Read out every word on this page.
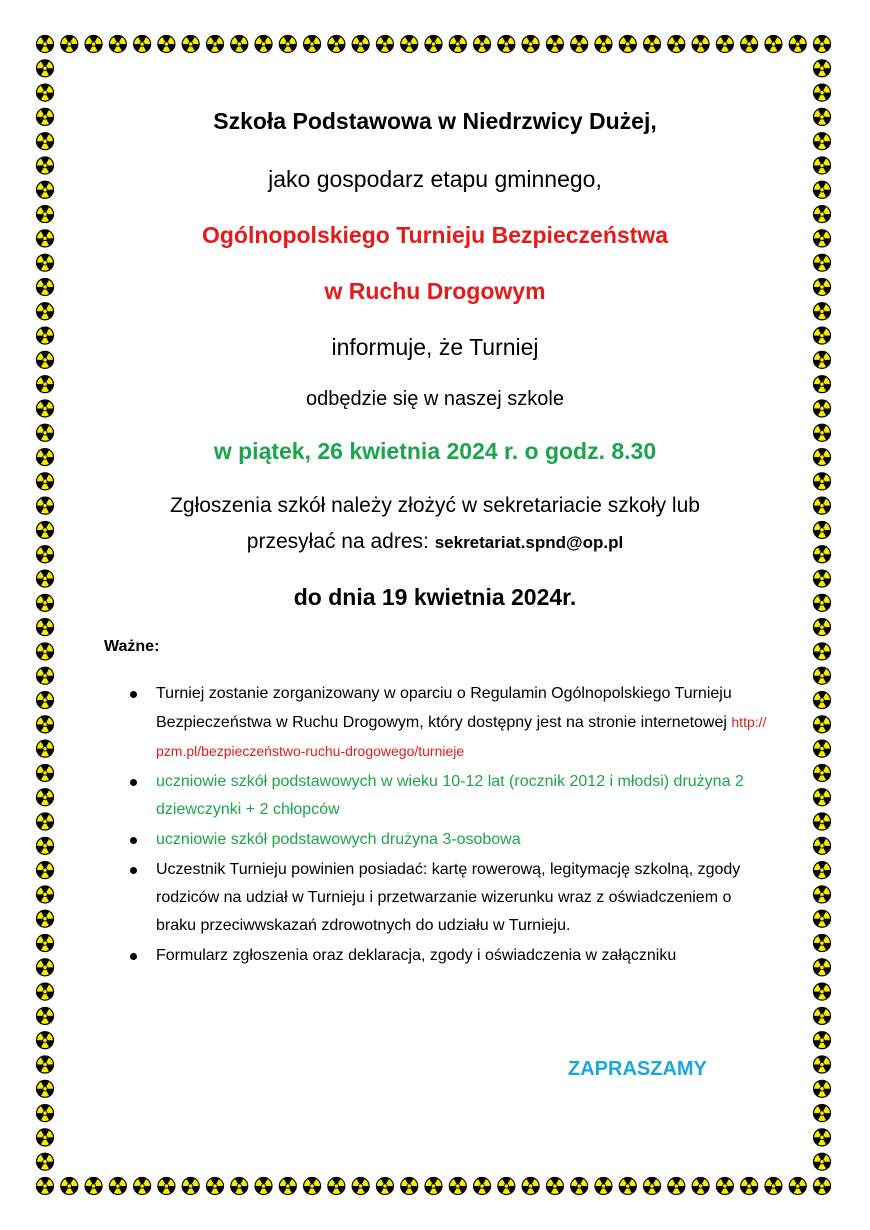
Szkoła Podstawowa w Niedrzwicy Dużej,

jako gospodarz etapu gminnego,

Ogólnopolskiego Turnieju Bezpieczeństwa

w Ruchu Drogowym

informuje, że Turniej

odbędzie się w naszej szkole

w piątek, 26 kwietnia 2024 r. o godz. 8.30

Zgłoszenia szkół należy złożyć w sekretariacie szkoły lub

przesyłać na adres: sekretariat.spnd@op.pl

do dnia 19 kwietnia 2024r.

Ważne:

Turniej zostanie zorganizowany w oparciu o Regulamin Ogólnopolskiego Turnieju Bezpieczeństwa w Ruchu Drogowym, który dostępny jest na stronie internetowej http:// pzm.pl/bezpieczeństwo-ruchu-drogowego/turnieje
uczniowie szkół podstawowych w wieku 10-12 lat (rocznik 2012 i młodsi) drużyna 2 dziewczynki + 2 chłopców
uczniowie szkół podstawowych drużyna 3-osobowa
Uczestnik Turnieju powinien posiadać: kartę rowerową, legitymację szkolną, zgody rodziców na udział w Turnieju i przetwarzanie wizerunku wraz z oświadczeniem o braku przeciwwskazań zdrowotnych do udziału w Turnieju.
Formularz zgłoszenia oraz deklaracja, zgody i oświadczenia w załączniku

ZAPRASZAMY
